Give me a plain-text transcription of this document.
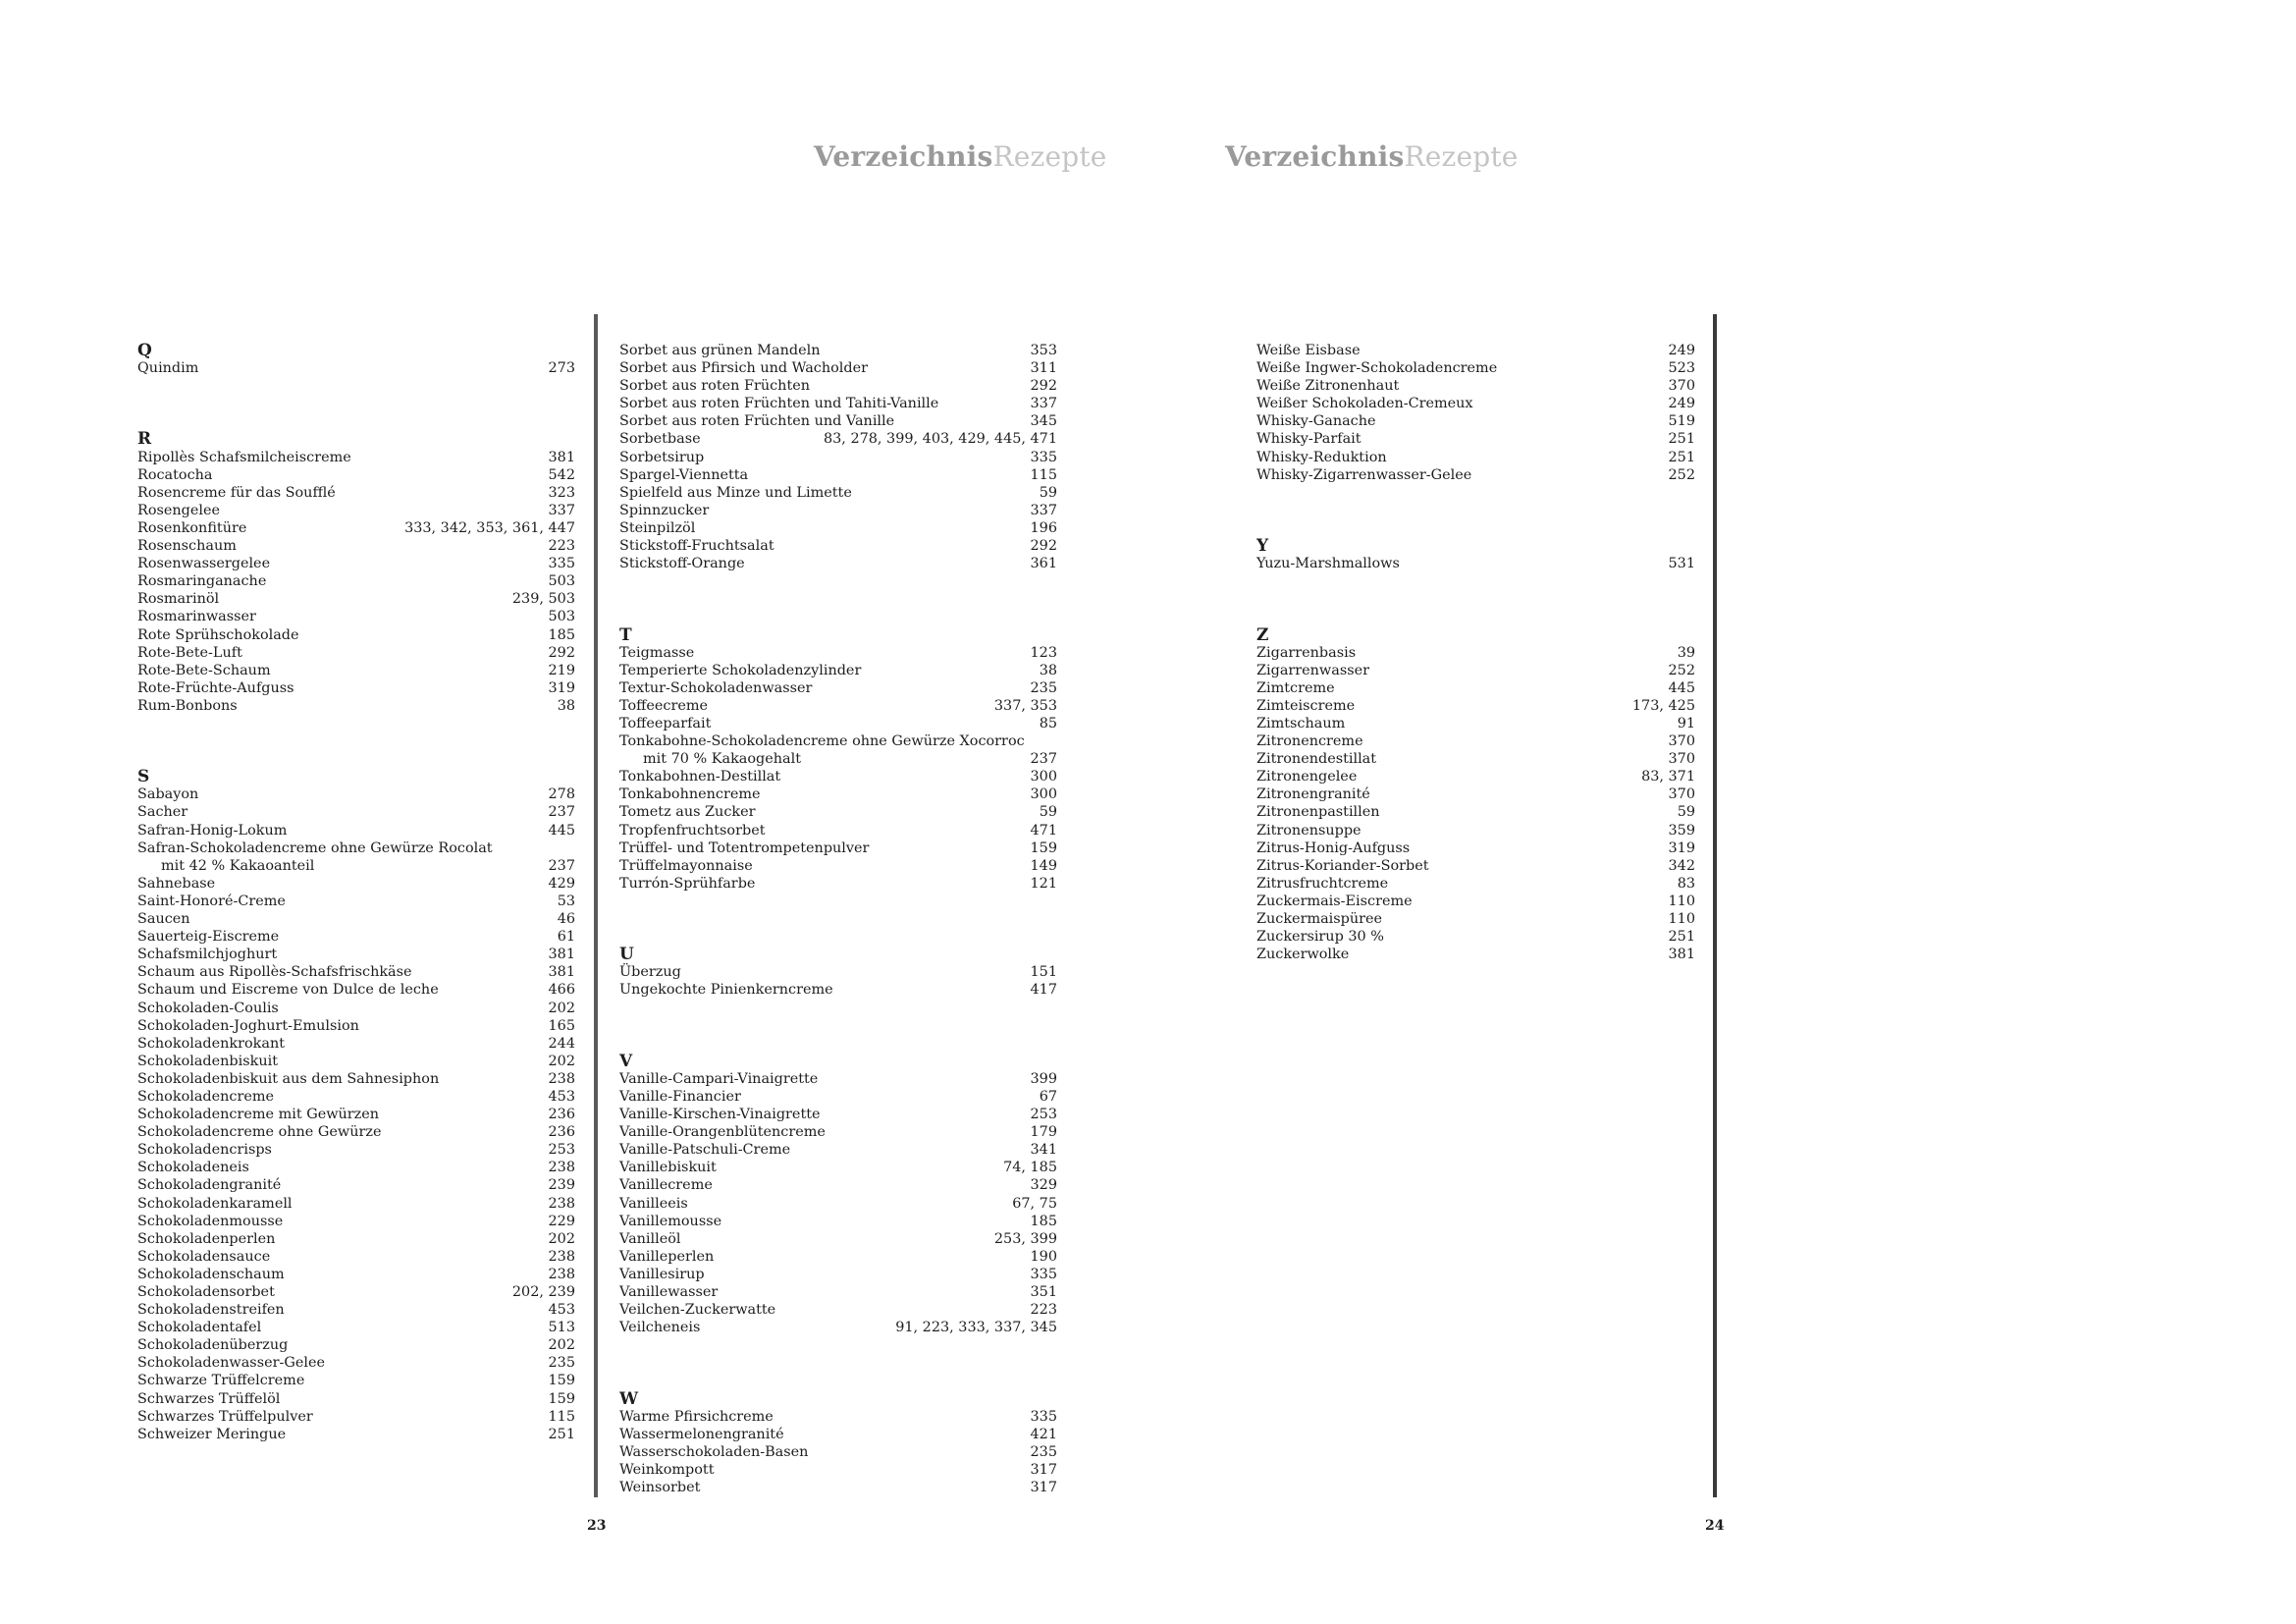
VerzeichnisRezepte	VerzeichnisRezepte
Q
Quindim	273
R
Ripollès Schafsmilcheiscreme	381
Rocatocha	542
Rosencreme für das Soufflé	323
Rosengelee	337
Rosenkonfitüre	333, 342, 353, 361, 447
Rosenschaum	223
Rosenwassergelee	335
Rosmaringanache	503
Rosmarinöl	239, 503
Rosmarinwasser	503
Rote Sprühschokolade	185
Rote-Bete-Luft	292
Rote-Bete-Schaum	219
Rote-Früchte-Aufguss	319
Rum-Bonbons	38
S
Sabayon	278
Sacher	237
Safran-Honig-Lokum	445
Safran-Schokoladencreme ohne Gewürze Rocolat
mit 42 % Kakaoanteil	237
Sahnebase	429
Saint-Honoré-Creme	53
Saucen	46
Sauerteig-Eiscreme	61
Schafsmilchjoghurt	381
Schaum aus Ripollès-Schafsfrischkäse	381
Schaum und Eiscreme von Dulce de leche	466
Schokoladen-Coulis	202
Schokoladen-Joghurt-Emulsion	165
Schokoladenkrokant	244
Schokoladenbiskuit	202
Schokoladenbiskuit aus dem Sahnesiphon	238
Schokoladencreme	453
Schokoladencreme mit Gewürzen	236
Schokoladencreme ohne Gewürze	236
Schokoladencrisps	253
Schokoladeneis	238
Schokoladengranité	239
Schokoladenkaramell	238
Schokoladenmousse	229
Schokoladenperlen	202
Schokoladensauce	238
Schokoladenschaum	238
Schokoladensorbet	202, 239
Schokoladenstreifen	453
Schokoladentafel	513
Schokoladenüberzug	202
Schokoladenwasser-Gelee	235
Schwarze Trüffelcreme	159
Schwarzes Trüffelöl	159
Schwarzes Trüffelpulver	115
Schweizer Meringue	251
Sorbet aus grünen Mandeln	353
Sorbet aus Pfirsich und Wacholder	311
Sorbet aus roten Früchten	292
Sorbet aus roten Früchten und Tahiti-Vanille	337
Sorbet aus roten Früchten und Vanille	345
Sorbetbase	83, 278, 399, 403, 429, 445, 471
Sorbetsirup	335
Spargel-Viennetta	115
Spielfeld aus Minze und Limette	59
Spinnzucker	337
Steinpilzöl	196
Stickstoff-Fruchtsalat	292
Stickstoff-Orange	361
T
Teigmasse	123
Temperierte Schokoladenzylinder	38
Textur-Schokoladenwasser	235
Toffeecreme	337, 353
Toffeeparfait	85
Tonkabohne-Schokoladencreme ohne Gewürze Xocorroc
mit 70 % Kakaogehalt	237
Tonkabohnen-Destillat	300
Tonkabohnencreme	300
Tometz aus Zucker	59
Tropfenfruchtsorbet	471
Trüffel- und Totentrompetenpulver	159
Trüffelmayonnaise	149
Turrón-Sprühfarbe	121
U
Überzug	151
Ungekochte Pinienkerncreme	417
V
Vanille-Campari-Vinaigrette	399
Vanille-Financier	67
Vanille-Kirschen-Vinaigrette	253
Vanille-Orangenblütencreme	179
Vanille-Patschuli-Creme	341
Vanillebiskuit	74, 185
Vanillecreme	329
Vanilleeis	67, 75
Vanillemousse	185
Vanilleöl	253, 399
Vanilleperlen	190
Vanillesirup	335
Vanillewasser	351
Veilchen-Zuckerwatte	223
Veilcheneis	91, 223, 333, 337, 345
W
Warme Pfirsichcreme	335
Wassermelonengranité	421
Wasserschokoladen-Basen	235
Weinkompott	317
Weinsorbet	317
Weiße Eisbase	249
Weiße Ingwer-Schokoladencreme	523
Weiße Zitronenhaut	370
Weißer Schokoladen-Cremeux	249
Whisky-Ganache	519
Whisky-Parfait	251
Whisky-Reduktion	251
Whisky-Zigarrenwasser-Gelee	252
Y
Yuzu-Marshmallows	531
Z
Zigarrenbasis	39
Zigarrenwasser	252
Zimtcreme	445
Zimteiscreme	173, 425
Zimtschaum	91
Zitronencreme	370
Zitronendestillat	370
Zitronengelee	83, 371
Zitronengranité	370
Zitronenpastillen	59
Zitronensuppe	359
Zitrus-Honig-Aufguss	319
Zitrus-Koriander-Sorbet	342
Zitrusfruchtcreme	83
Zuckermais-Eiscreme	110
Zuckermaispüree	110
Zuckersirup 30 %	251
Zuckerwolke	381
23	24
